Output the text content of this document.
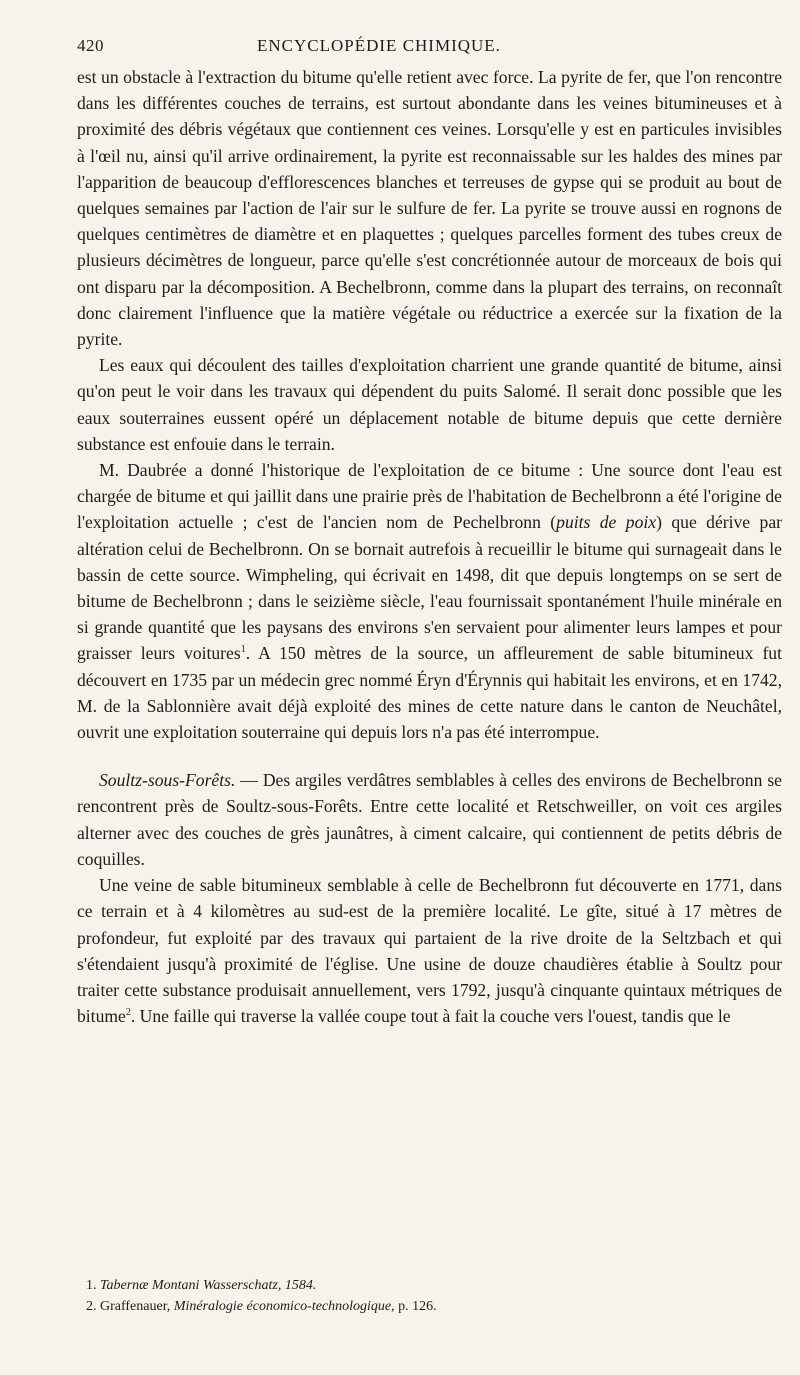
420	ENCYCLOPÉDIE CHIMIQUE.

est un obstacle à l'extraction du bitume qu'elle retient avec force. La pyrite de fer, que l'on rencontre dans les différentes couches de terrains, est surtout abondante dans les veines bitumineuses et à proximité des débris végétaux que contiennent ces veines. Lorsqu'elle y est en particules invisibles à l'œil nu, ainsi qu'il arrive ordinairement, la pyrite est reconnaissable sur les haldes des mines par l'apparition de beaucoup d'efflorescences blanches et terreuses de gypse qui se produit au bout de quelques semaines par l'action de l'air sur le sulfure de fer. La pyrite se trouve aussi en rognons de quelques centimètres de diamètre et en plaquettes ; quelques parcelles forment des tubes creux de plusieurs décimètres de longueur, parce qu'elle s'est concrétionnée autour de morceaux de bois qui ont disparu par la décomposition. A Bechelbronn, comme dans la plupart des terrains, on reconnaît donc clairement l'influence que la matière végétale ou réductrice a exercée sur la fixation de la pyrite.

Les eaux qui découlent des tailles d'exploitation charrient une grande quantité de bitume, ainsi qu'on peut le voir dans les travaux qui dépendent du puits Salomé. Il serait donc possible que les eaux souterraines eussent opéré un déplacement notable de bitume depuis que cette dernière substance est enfouie dans le terrain.

M. Daubrée a donné l'historique de l'exploitation de ce bitume : Une source dont l'eau est chargée de bitume et qui jaillit dans une prairie près de l'habitation de Bechelbronn a été l'origine de l'exploitation actuelle ; c'est de l'ancien nom de Pechelbronn (puits de poix) que dérive par altération celui de Bechelbronn. On se bornait autrefois à recueillir le bitume qui surnageait dans le bassin de cette source. Wimpheling, qui écrivait en 1498, dit que depuis longtemps on se sert de bitume de Bechelbronn ; dans le seizième siècle, l'eau fournissait spontanément l'huile minérale en si grande quantité que les paysans des environs s'en servaient pour alimenter leurs lampes et pour graisser leurs voitures$^1$. A 150 mètres de la source, un affleurement de sable bitumineux fut découvert en 1735 par un médecin grec nommé Éryn d'Érynnis qui habitait les environs, et en 1742, M. de la Sablonnière avait déjà exploité des mines de cette nature dans le canton de Neuchâtel, ouvrit une exploitation souterraine qui depuis lors n'a pas été interrompue.

Soultz-sous-Forêts. — Des argiles verdâtres semblables à celles des environs de Bechelbronn se rencontrent près de Soultz-sous-Forêts. Entre cette localité et Retschweiller, on voit ces argiles alterner avec des couches de grès jaunâtres, à ciment calcaire, qui contiennent de petits débris de coquilles.

Une veine de sable bitumineux semblable à celle de Bechelbronn fut découverte en 1771, dans ce terrain et à 4 kilomètres au sud-est de la première localité. Le gîte, situé à 17 mètres de profondeur, fut exploité par des travaux qui partaient de la rive droite de la Seltzbach et qui s'étendaient jusqu'à proximité de l'église. Une usine de douze chaudières établie à Soultz pour traiter cette substance produisait annuellement, vers 1792, jusqu'à cinquante quintaux métriques de bitume$^2$. Une faille qui traverse la vallée coupe tout à fait la couche vers l'ouest, tandis que le

1. Tabernæ Montani Wasserschatz, 1584.
2. Graffenauer, Minéralogie économico-technologique, p. 126.
